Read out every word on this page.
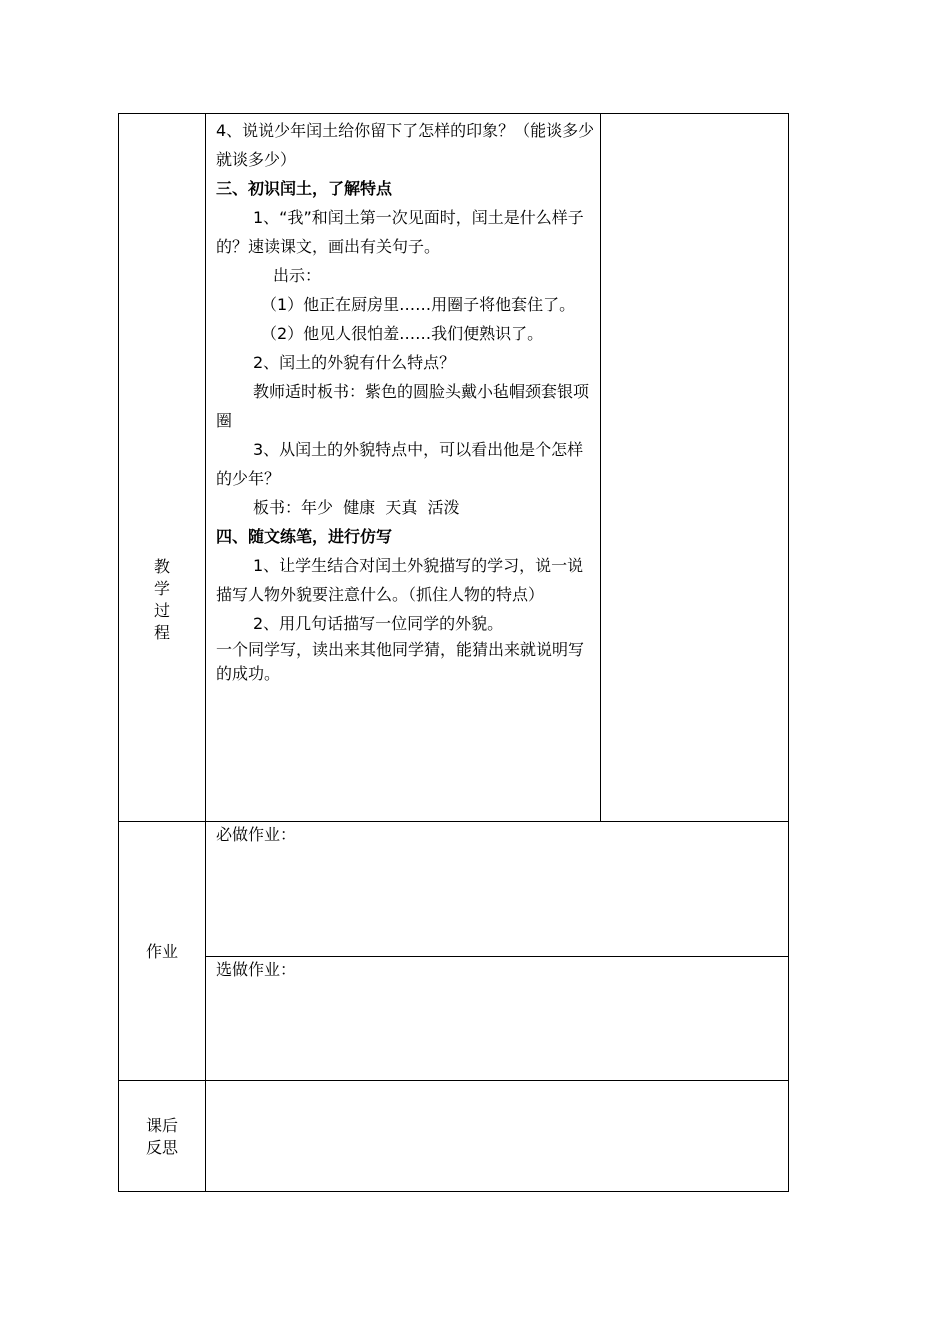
教
学
过
程

4、说说少年闰土给你留下了怎样的印象？（能谈多少就谈多少）

三、初识闰土，了解特点

1、“我”和闰土第一次见面时，闰土是什么样子的？速读课文，画出有关句子。

出示：

（1）他正在厨房里……用圈子将他套住了。

（2）他见人很怕羞……我们便熟识了。

2、闰土的外貌有什么特点？

教师适时板书：紫色的圆脸头戴小毡帽颈套银项圈

3、从闰土的外貌特点中，可以看出他是个怎样的少年？

板书：年少  健康  天真  活泼

四、随文练笔，进行仿写

1、让学生结合对闰土外貌描写的学习，说一说描写人物外貌要注意什么。（抓住人物的特点）

2、用几句话描写一位同学的外貌。

一个同学写，读出来其他同学猜，能猜出来就说明写的成功。

作业
必做作业：
选做作业：
课后
反思
